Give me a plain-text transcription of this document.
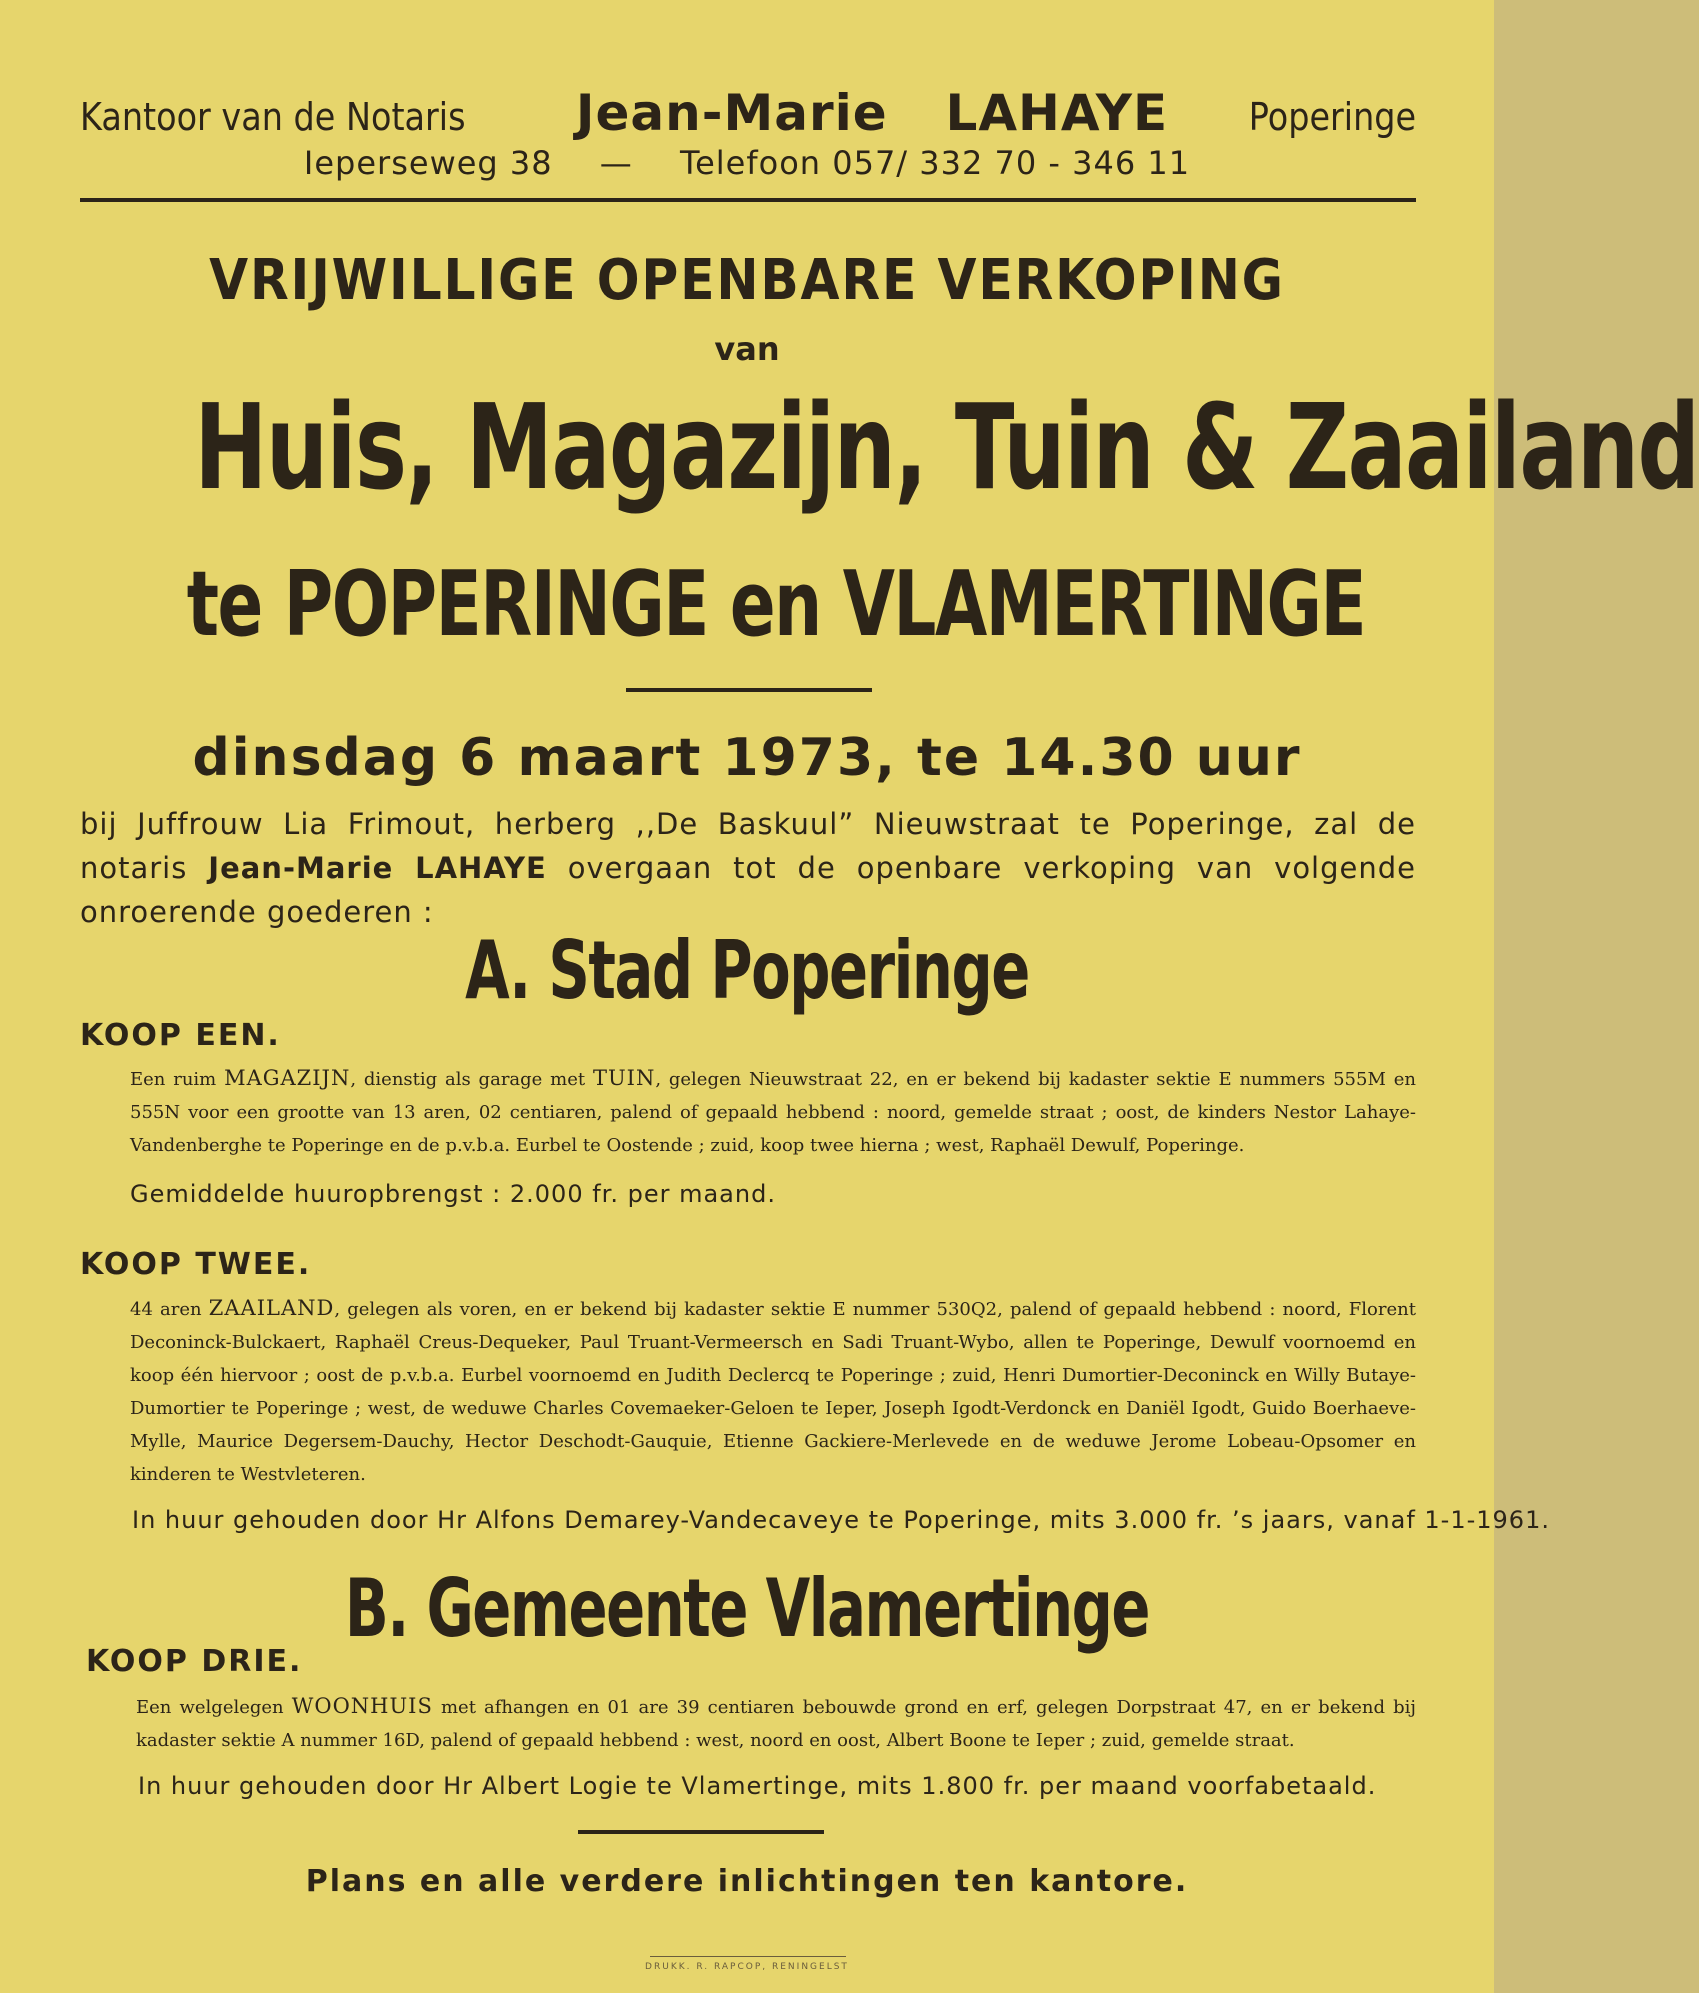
Kantoor van de Notaris Jean-Marie LAHAYE Poperinge
Ieperseweg 38 — Telefoon 057/ 332 70 - 346 11
VRIJWILLIGE OPENBARE VERKOPING
van
Huis, Magazijn, Tuin & Zaailand
te POPERINGE en VLAMERTINGE
dinsdag 6 maart 1973, te 14.30 uur
bij Juffrouw Lia Frimout, herberg ,,De Baskuul” Nieuwstraat te Poperinge, zal de notaris Jean-Marie LAHAYE overgaan tot de openbare verkoping van volgende onroerende goederen :
A. Stad Poperinge
KOOP EEN.
Een ruim MAGAZIJN, dienstig als garage met TUIN, gelegen Nieuwstraat 22, en er bekend bij kadaster sektie E nummers 555M en 555N voor een grootte van 13 aren, 02 centiaren, palend of gepaald hebbend : noord, gemelde straat ; oost, de kinders Nestor Lahaye-Vandenberghe te Poperinge en de p.v.b.a. Eurbel te Oostende ; zuid, koop twee hierna ; west, Raphaël Dewulf, Poperinge.
Gemiddelde huuropbrengst : 2.000 fr. per maand.
KOOP TWEE.
44 aren ZAAILAND, gelegen als voren, en er bekend bij kadaster sektie E nummer 530Q2, palend of gepaald hebbend : noord, Florent Deconinck-Bulckaert, Raphaël Creus-Dequeker, Paul Truant-Vermeersch en Sadi Truant-Wybo, allen te Poperinge, Dewulf voornoemd en koop één hiervoor ; oost de p.v.b.a. Eurbel voornoemd en Judith Declercq te Poperinge ; zuid, Henri Dumortier-Deconinck en Willy Butaye-Dumortier te Poperinge ; west, de weduwe Charles Covemaeker-Geloen te Ieper, Joseph Igodt-Verdonck en Daniël Igodt, Guido Boerhaeve-Mylle, Maurice Degersem-Dauchy, Hector Deschodt-Gauquie, Etienne Gackiere-Merlevede en de weduwe Jerome Lobeau-Opsomer en kinderen te Westvleteren.
In huur gehouden door Hr Alfons Demarey-Vandecaveye te Poperinge, mits 3.000 fr. ’s jaars, vanaf 1-1-1961.
B. Gemeente Vlamertinge
KOOP DRIE.
Een welgelegen WOONHUIS met afhangen en 01 are 39 centiaren bebouwde grond en erf, gelegen Dorpstraat 47, en er bekend bij kadaster sektie A nummer 16D, palend of gepaald hebbend : west, noord en oost, Albert Boone te Ieper ; zuid, gemelde straat.
In huur gehouden door Hr Albert Logie te Vlamertinge, mits 1.800 fr. per maand voorfabetaald.
Plans en alle verdere inlichtingen ten kantore.
DRUKK. R. RAPCOP, RENINGELST
